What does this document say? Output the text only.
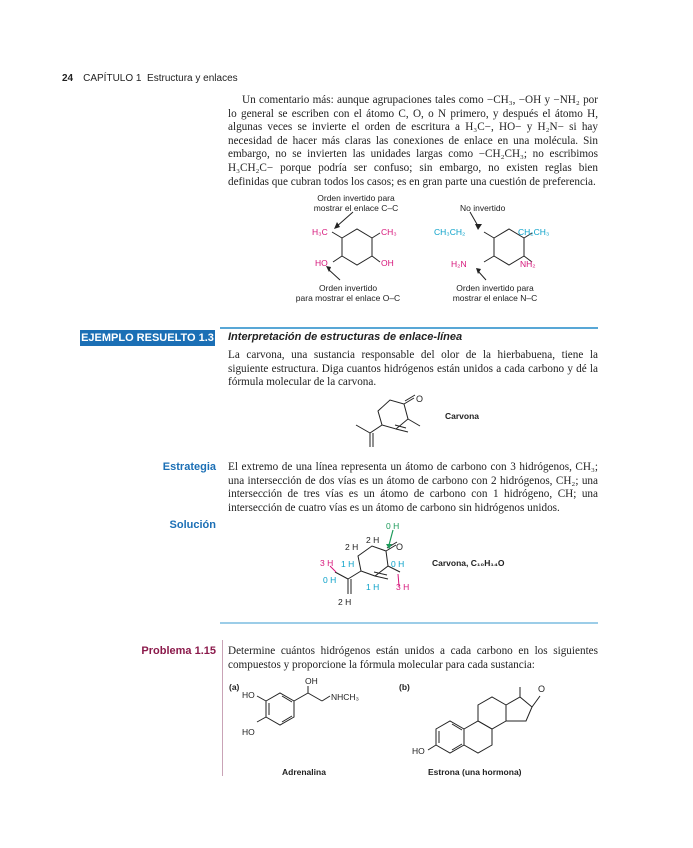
24 CAPÍTULO 1 Estructura y enlaces
Un comentario más: aunque agrupaciones tales como −CH₃, −OH y −NH₂ por lo general se escriben con el átomo C, O, o N primero, y después el átomo H, algunas veces se invierte el orden de escritura a H₃C−, HO− y H₂N− si hay necesidad de hacer más claras las conexiones de enlace en una molécula. Sin embargo, no se invierten las unidades largas como −CH₂CH₃; no escribimos H₃CH₂C− porque podría ser confuso; sin embargo, no existen reglas bien definidas que cubran todos los casos; es en gran parte una cuestión de preferencia.
Orden invertido para
mostrar el enlace C–C	No invertido
Orden invertido
para mostrar el enlace O–C
Orden invertido para
mostrar el enlace N–C
H₃C	CH₃
HO	OH
CH₃CH₂	CH₂CH₃
H₂N	NH₂
EJEMPLO RESUELTO 1.3 Interpretación de estructuras de enlace-línea
La carvona, una sustancia responsable del olor de la hierbabuena, tiene la siguiente estructura. Diga cuantos hidrógenos están unidos a cada carbono y dé la fórmula molecular de la carvona.
O
Carvona
Estrategia El extremo de una línea representa un átomo de carbono con 3 hidrógenos, CH₃; una intersección de dos vías es un átomo de carbono con 2 hidrógenos, CH₂; una intersección de tres vías es un átomo de carbono con 1 hidrógeno, CH; una intersección de cuatro vías es un átomo de carbono sin hidrógenos unidos.
Solución	0 H
2 H
2 H	O
3 H 1 H	0 H
0 H
1 H 3 H
2 H
Carvona, C₁₀H₁₄O
Problema 1.15 Determine cuántos hidrógenos están unidos a cada carbono en los siguientes compuestos y proporcione la fórmula molecular para cada sustancia:
(a)	(b)
OH
HO	NHCH₃
HO
Adrenalina
O
HO
Estrona (una hormona)
